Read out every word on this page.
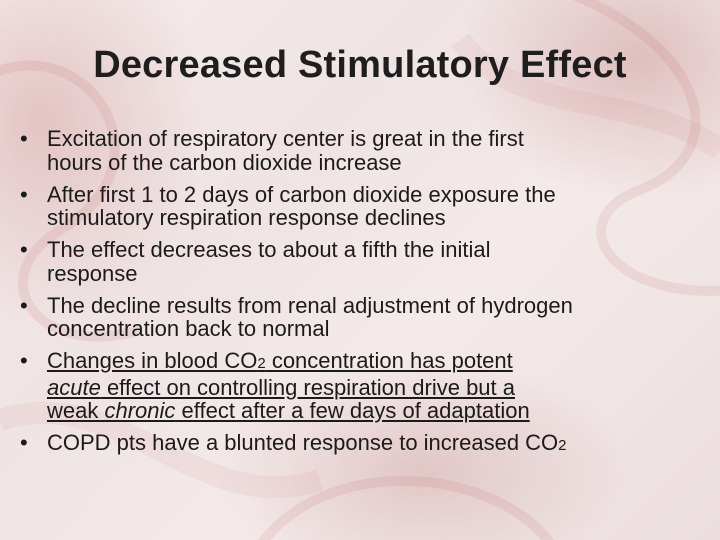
Decreased Stimulatory Effect
• Excitation of respiratory center is great in the first
hours of the carbon dioxide increase
• After first 1 to 2 days of carbon dioxide exposure the
stimulatory respiration response declines
• The effect decreases to about a fifth the initial
response
• The decline results from renal adjustment of hydrogen
concentration back to normal
• Changes in blood CO2 concentration has potent
acute effect on controlling respiration drive but a
weak chronic effect after a few days of adaptation
• COPD pts have a blunted response to increased CO2
